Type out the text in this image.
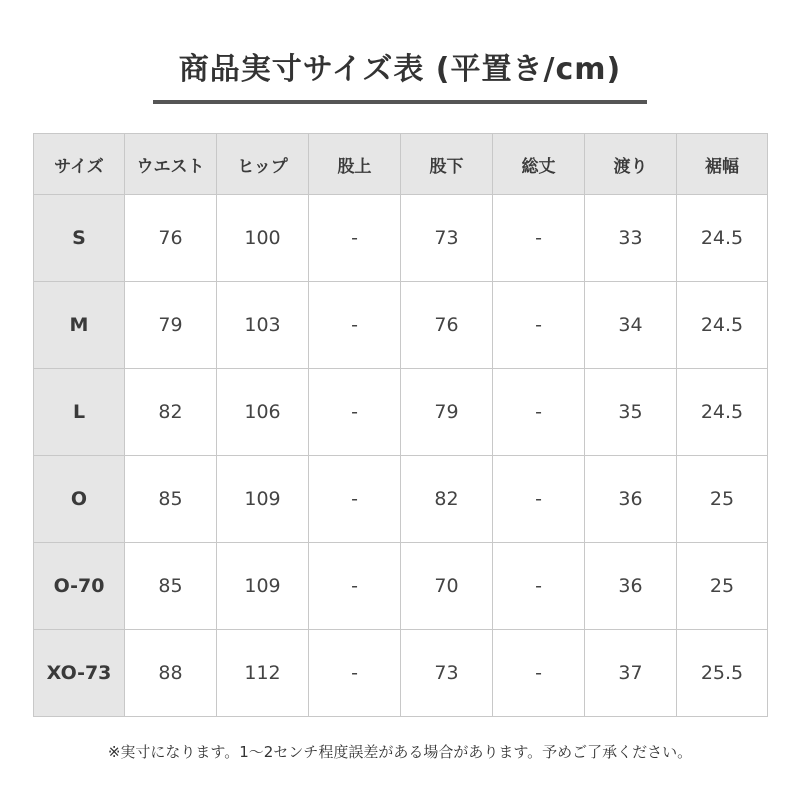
商品実寸サイズ表 (平置き/cm)
サイズ	ウエスト	ヒップ	股上	股下	総丈	渡り	裾幅
S	76	100	-	73	-	33	24.5
M	79	103	-	76	-	34	24.5
L	82	106	-	79	-	35	24.5
O	85	109	-	82	-	36	25
O-70	85	109	-	70	-	36	25
XO-73	88	112	-	73	-	37	25.5
※実寸になります。1〜2センチ程度誤差がある場合があります。予めご了承ください。
